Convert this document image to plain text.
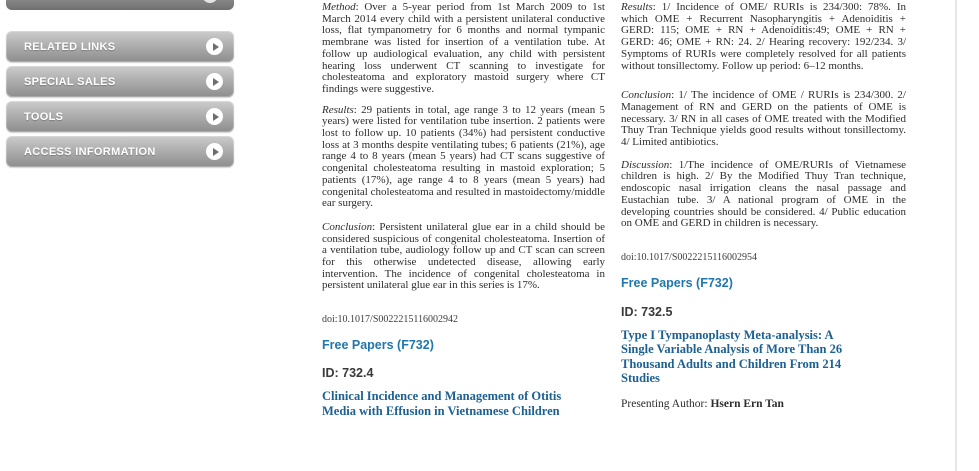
RELATED LINKS
SPECIAL SALES
TOOLS
ACCESS INFORMATION

Method: Over a 5-year period from 1st March 2009 to 1st March 2014 every child with a persistent unilateral conductive loss, flat tympanometry for 6 months and normal tympanic membrane was listed for insertion of a ventilation tube. At follow up audiological evaluation, any child with persistent hearing loss underwent CT scanning to investigate for cholesteatoma and exploratory mastoid surgery where CT findings were suggestive.

Results: 29 patients in total, age range 3 to 12 years (mean 5 years) were listed for ventilation tube insertion. 2 patients were lost to follow up. 10 patients (34%) had persistent conductive loss at 3 months despite ventilating tubes; 6 patients (21%), age range 4 to 8 years (mean 5 years) had CT scans suggestive of congenital cholesteatoma resulting in mastoid exploration; 5 patients (17%), age range 4 to 8 years (mean 5 years) had congenital cholesteatoma and resulted in mastoidectomy/middle ear surgery.

Conclusion: Persistent unilateral glue ear in a child should be considered suspicious of congenital cholesteatoma. Insertion of a ventilation tube, audiology follow up and CT scan can screen for this otherwise undetected disease, allowing early intervention. The incidence of congenital cholesteatoma in persistent unilateral glue ear in this series is 17%.

doi:10.1017/S0022215116002942
Free Papers (F732)
ID: 732.4
Clinical Incidence and Management of Otitis Media with Effusion in Vietnamese Children

Results: 1/ Incidence of OME/ RURIs is 234/300: 78%. In which OME + Recurrent Nasopharyngitis + Adenoiditis + GERD: 115; OME + RN + Adenoiditis:49; OME + RN + GERD: 46; OME + RN: 24. 2/ Hearing recovery: 192/234. 3/ Symptoms of RURIs were completely resolved for all patients without tonsillectomy. Follow up period: 6–12 months.

Conclusion: 1/ The incidence of OME / RURIs is 234/300. 2/ Management of RN and GERD on the patients of OME is necessary. 3/ RN in all cases of OME treated with the Modified Thuy Tran Technique yields good results without tonsillectomy. 4/ Limited antibiotics.

Discussion: 1/The incidence of OME/RURIs of Vietnamese children is high. 2/ By the Modified Thuy Tran technique, endoscopic nasal irrigation cleans the nasal passage and Eustachian tube. 3/ A national program of OME in the developing countries should be considered. 4/ Public education on OME and GERD in children is necessary.

doi:10.1017/S0022215116002954
Free Papers (F732)
ID: 732.5
Type I Tympanoplasty Meta-analysis: A Single Variable Analysis of More Than 26 Thousand Adults and Children From 214 Studies
Presenting Author: Hsern Ern Tan
